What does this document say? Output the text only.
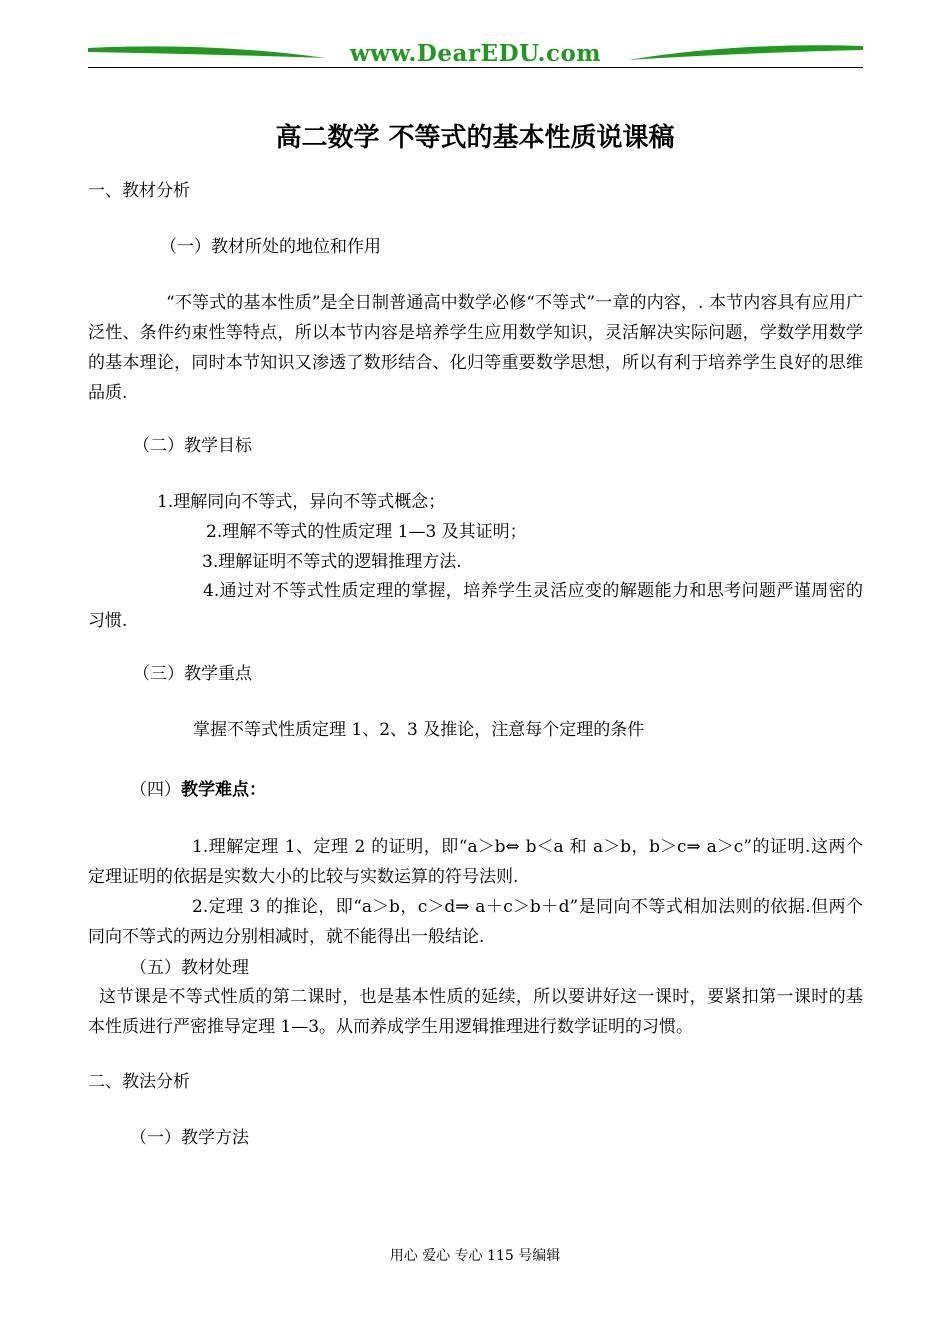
www.DearEDU.com
高二数学 不等式的基本性质说课稿
一、教材分析
（一）教材所处的地位和作用
“不等式的基本性质”是全日制普通高中数学必修“不等式”一章的内容，. 本节内容具有应用广泛性、条件约束性等特点，所以本节内容是培养学生应用数学知识，灵活解决实际问题，学数学用数学的基本理论，同时本节知识又渗透了数形结合、化归等重要数学思想，所以有利于培养学生良好的思维品质.
（二）教学目标
1.理解同向不等式，异向不等式概念；
2.理解不等式的性质定理 1—3 及其证明；
3.理解证明不等式的逻辑推理方法.
4.通过对不等式性质定理的掌握，培养学生灵活应变的解题能力和思考问题严谨周密的习惯.
（三）教学重点
掌握不等式性质定理 1、2、3 及推论，注意每个定理的条件
（四）教学难点：
1.理解定理 1、定理 2 的证明，即“a＞b⇔ b＜a 和 a＞b，b＞c⇒ a＞c”的证明.这两个定理证明的依据是实数大小的比较与实数运算的符号法则.
2.定理 3 的推论，即“a＞b，c＞d⇒ a＋c＞b＋d”是同向不等式相加法则的依据.但两个同向不等式的两边分别相减时，就不能得出一般结论.
（五）教材处理
这节课是不等式性质的第二课时，也是基本性质的延续，所以要讲好这一课时，要紧扣第一课时的基本性质进行严密推导定理 1—3。从而养成学生用逻辑推理进行数学证明的习惯。
二、教法分析
（一）教学方法
用心 爱心 专心 115 号编辑
